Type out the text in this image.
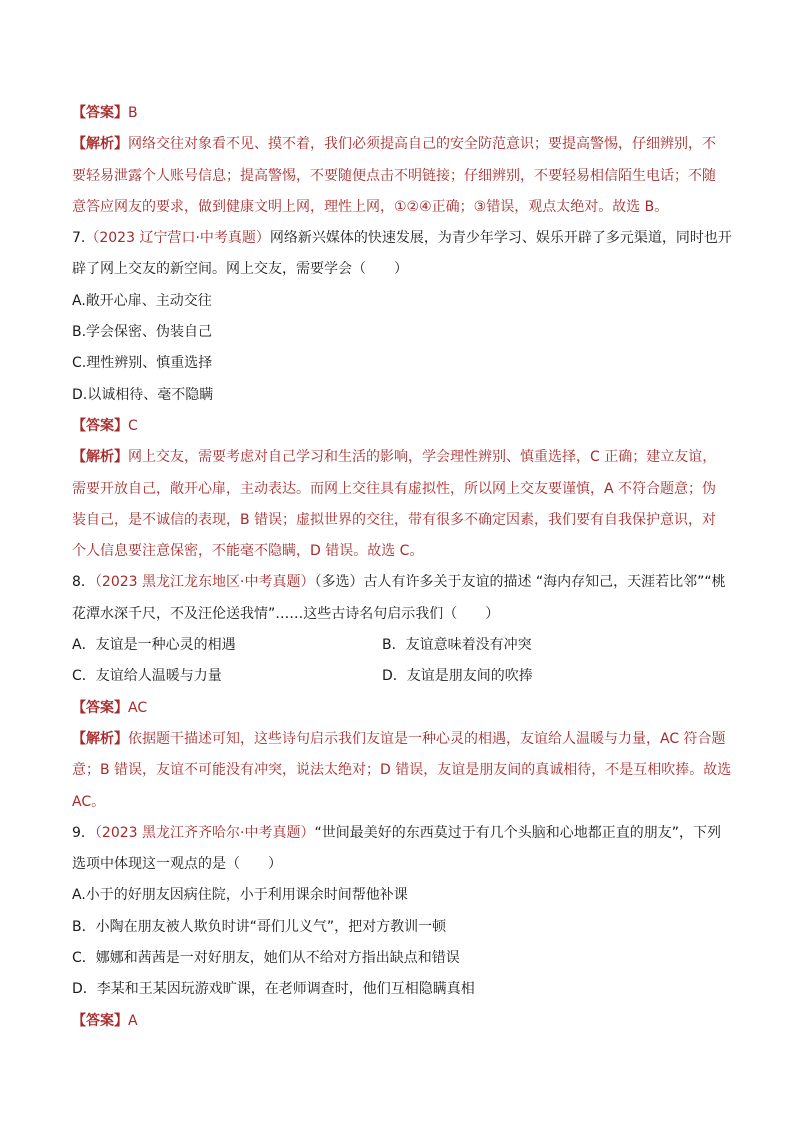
【答案】B
【解析】网络交往对象看不见、摸不着，我们必须提高自己的安全防范意识；要提高警惕，仔细辨别，不
要轻易泄露个人账号信息；提高警惕，不要随便点击不明链接；仔细辨别，不要轻易相信陌生电话；不随
意答应网友的要求，做到健康文明上网，理性上网，①②④正确；③错误，观点太绝对。故选 B。
7.（2023 辽宁营口·中考真题）网络新兴媒体的快速发展，为青少年学习、娱乐开辟了多元渠道，同时也开
辟了网上交友的新空间。网上交友，需要学会（　　）
A.敞开心扉、主动交往
B.学会保密、伪装自己
C.理性辨别、慎重选择
D.以诚相待、毫不隐瞒
【答案】C
【解析】网上交友，需要考虑对自己学习和生活的影响，学会理性辨别、慎重选择，C 正确；建立友谊，
需要开放自己，敞开心扉，主动表达。而网上交往具有虚拟性，所以网上交友要谨慎，A 不符合题意；伪
装自己，是不诚信的表现，B 错误；虚拟世界的交往，带有很多不确定因素，我们要有自我保护意识，对
个人信息要注意保密，不能毫不隐瞒，D 错误。故选 C。
8．（2023 黑龙江龙东地区·中考真题）（多选）古人有许多关于友谊的描述 “海内存知己，天涯若比邻”“桃
花潭水深千尺，不及汪伦送我情”……这些古诗名句启示我们（　　）
A．友谊是一种心灵的相遇	B．友谊意味着没有冲突
C．友谊给人温暖与力量	D．友谊是朋友间的吹捧
【答案】AC
【解析】依据题干描述可知，这些诗句启示我们友谊是一种心灵的相遇，友谊给人温暖与力量，AC 符合题
意；B 错误，友谊不可能没有冲突，说法太绝对；D 错误，友谊是朋友间的真诚相待，不是互相吹捧。故选
AC。
9．（2023 黑龙江齐齐哈尔·中考真题）“世间最美好的东西莫过于有几个头脑和心地都正直的朋友”，下列
选项中体现这一观点的是（　　）
A.小于的好朋友因病住院，小于利用课余时间帮他补课
B．小陶在朋友被人欺负时讲“哥们儿义气”，把对方教训一顿
C．娜娜和茜茜是一对好朋友，她们从不给对方指出缺点和错误
D．李某和王某因玩游戏旷课，在老师调查时，他们互相隐瞒真相
【答案】A
